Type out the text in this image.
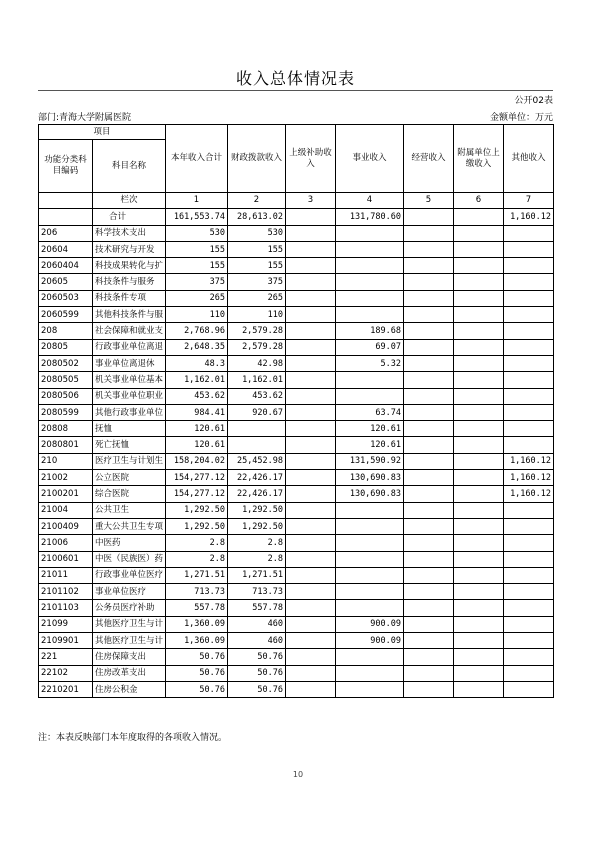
收入总体情况表
公开02表
部门:青海大学附属医院	金额单位：万元
项目		本年收入合计	财政拨款收入	上级补助收入	事业收入	经营收入	附属单位上缴收入	其他收入
功能分类科目编码	科目名称							
	栏次	1	2	3	4	5	6	7
	合计	161,553.74	28,613.02		131,780.60			1,160.12
206	科学技术支出	530	530					
20604	技术研究与开发	155	155					
2060404	科技成果转化与扩	155	155					
20605	科技条件与服务	375	375					
2060503	科技条件专项	265	265					
2060599	其他科技条件与服	110	110					
208	社会保障和就业支	2,768.96	2,579.28		189.68			
20805	行政事业单位离退	2,648.35	2,579.28		69.07			
2080502	事业单位离退休	48.3	42.98		5.32			
2080505	机关事业单位基本	1,162.01	1,162.01					
2080506	机关事业单位职业	453.62	453.62					
2080599	其他行政事业单位	984.41	920.67		63.74			
20808	抚恤	120.61			120.61			
2080801	死亡抚恤	120.61			120.61			
210	医疗卫生与计划生	158,204.02	25,452.98		131,590.92			1,160.12
21002	公立医院	154,277.12	22,426.17		130,690.83			1,160.12
2100201	综合医院	154,277.12	22,426.17		130,690.83			1,160.12
21004	公共卫生	1,292.50	1,292.50					
2100409	重大公共卫生专项	1,292.50	1,292.50					
21006	中医药	2.8	2.8					
2100601	中医（民族医）药	2.8	2.8					
21011	行政事业单位医疗	1,271.51	1,271.51					
2101102	事业单位医疗	713.73	713.73					
2101103	公务员医疗补助	557.78	557.78					
21099	其他医疗卫生与计	1,360.09	460		900.09			
2109901	其他医疗卫生与计	1,360.09	460		900.09			
221	住房保障支出	50.76	50.76					
22102	住房改革支出	50.76	50.76					
2210201	住房公积金	50.76	50.76					
注：本表反映部门本年度取得的各项收入情况。
10
